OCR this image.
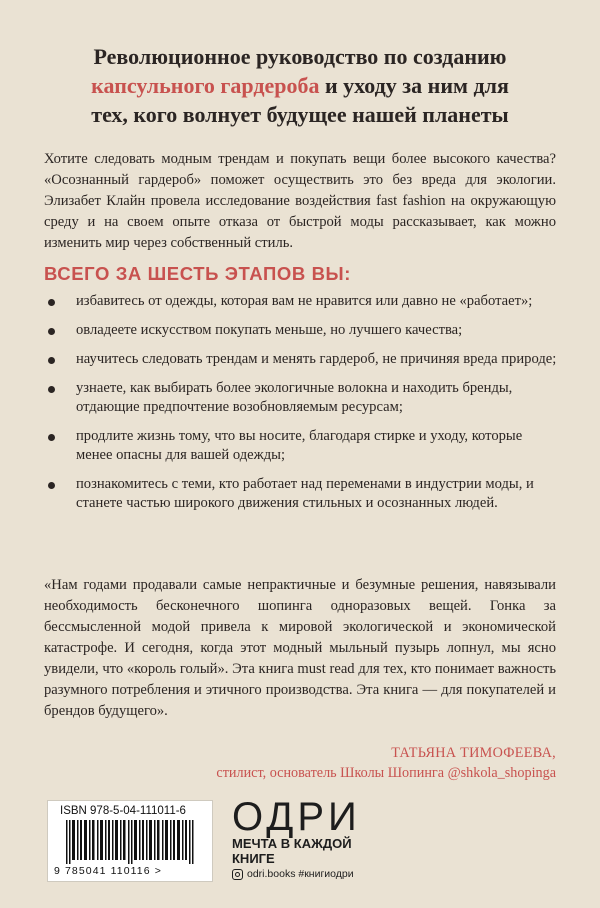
Революционное руководство по созданию
капсульного гардероба и уходу за ним для
тех, кого волнует будущее нашей планеты
Хотите следовать модным трендам и покупать вещи более высокого качества? «Осознанный гардероб» поможет осуществить это без вреда для экологии. Элизабет Клайн провела исследование воздействия fast fashion на окружающую среду и на своем опыте отказа от быстрой моды рассказывает, как можно изменить мир через собственный стиль.
ВСЕГО ЗА ШЕСТЬ ЭТАПОВ ВЫ:
избавитесь от одежды, которая вам не нравится или давно не «работает»;
овладеете искусством покупать меньше, но лучшего качества;
научитесь следовать трендам и менять гардероб, не причиняя вреда природе;
узнаете, как выбирать более экологичные волокна и находить бренды, отдающие предпочтение возобновляемым ресурсам;
продлите жизнь тому, что вы носите, благодаря стирке и уходу, которые менее опасны для вашей одежды;
познакомитесь с теми, кто работает над переменами в индустрии моды, и станете частью широкого движения стильных и осознанных людей.
«Нам годами продавали самые непрактичные и безумные решения, навязывали необходимость бесконечного шопинга одноразовых вещей. Гонка за бессмысленной модой привела к мировой экологической и экономической катастрофе. И сегодня, когда этот модный мыльный пузырь лопнул, мы ясно увидели, что «король голый». Эта книга must read для тех, кто понимает важность разумного потребления и этичного производства. Эта книга — для покупателей и брендов будущего».
ТАТЬЯНА ТИМОФЕЕВА,
стилист, основатель Школы Шопинга @shkola_shopinga
ISBN 978-5-04-111011-6
9 785041 110116 >
ОДРИ
МЕЧТА В КАЖДОЙ
КНИГЕ
odri.books #книгиодри
